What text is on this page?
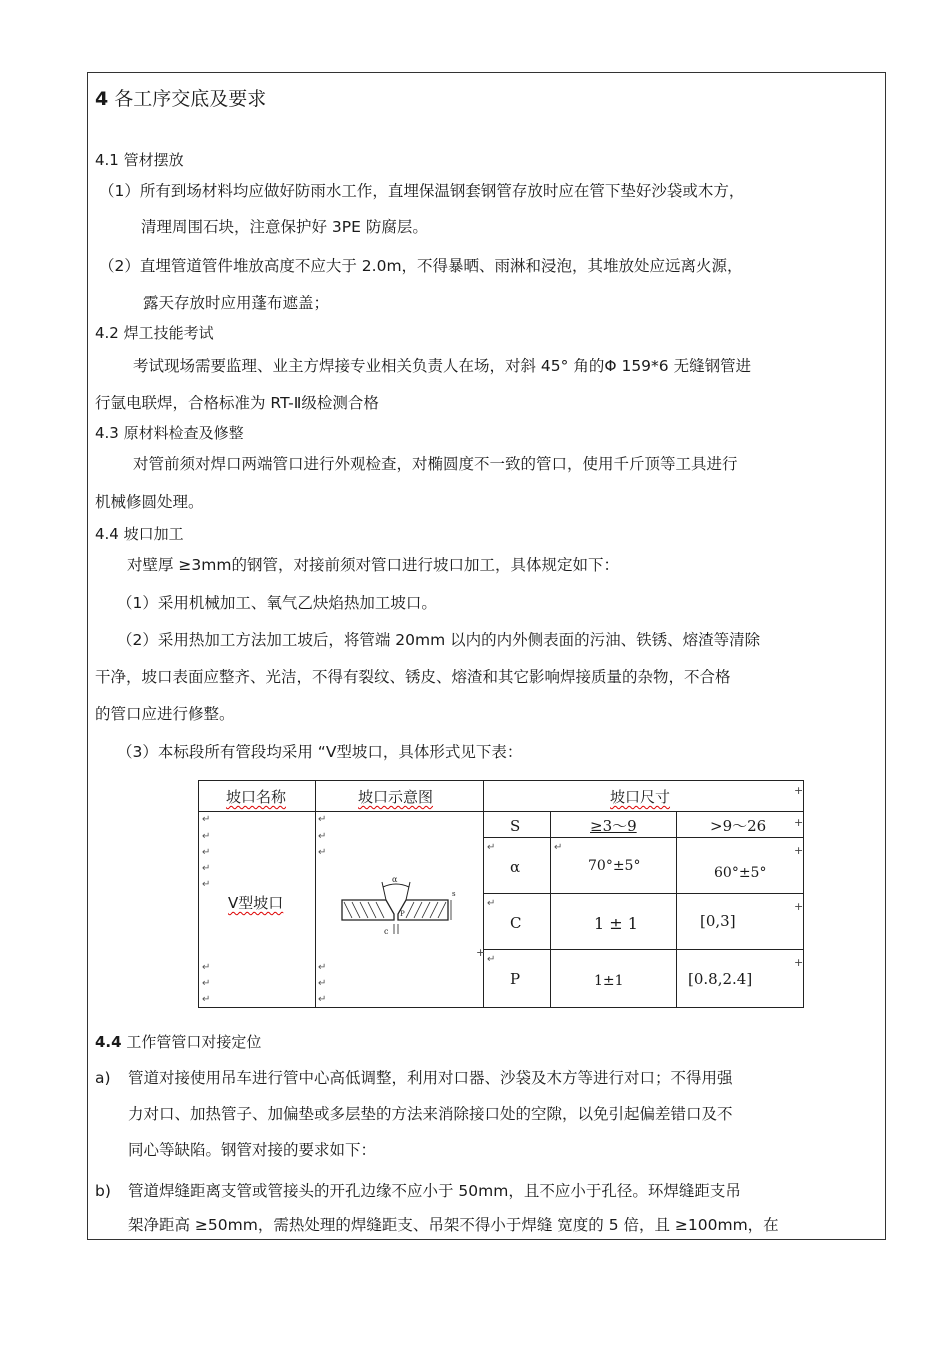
4 各工序交底及要求
4.1 管材摆放
（1）所有到场材料均应做好防雨水工作，直埋保温钢套钢管存放时应在管下垫好沙袋或木方，
清理周围石块，注意保护好 3PE 防腐层。
（2）直埋管道管件堆放高度不应大于 2.0m，不得暴晒、雨淋和浸泡，其堆放处应远离火源，
露天存放时应用蓬布遮盖；
4.2 焊工技能考试
考试现场需要监理、业主方焊接专业相关负责人在场，对斜 45° 角的Φ 159*6 无缝钢管进
行氩电联焊，合格标准为 RT-Ⅱ级检测合格
4.3 原材料检查及修整
对管前须对焊口两端管口进行外观检查，对椭圆度不一致的管口，使用千斤顶等工具进行
机械修圆处理。
4.4 坡口加工
对壁厚 ≥3mm的钢管，对接前须对管口进行坡口加工，具体规定如下：
（1）采用机械加工、氧气乙炔焰热加工坡口。
（2）采用热加工方法加工坡后，将管端 20mm 以内的内外侧表面的污油、铁锈、熔渣等清除
干净，坡口表面应整齐、光洁，不得有裂纹、锈皮、熔渣和其它影响焊接质量的杂物，不合格
的管口应进行修整。
（3）本标段所有管段均采用 “V型坡口，具体形式见下表：
坡口名称	坡口示意图	坡口尺寸
V型坡口
α
c
P
s
S	≥3～9	>9～26
α	70°±5°	60°±5°
C	1 ± 1	[0,3]
P	1±1	[0.8,2.4]
↵
↵
↵
↵
↵
↵
↵
↵
↵
↵
↵
↵
↵
↵
↵
↵
↵
↵
+
+
+
+
+
+
4.4 工作管管口对接定位
a) 管道对接使用吊车进行管中心高低调整，利用对口器、沙袋及木方等进行对口；不得用强
力对口、加热管子、加偏垫或多层垫的方法来消除接口处的空隙，以免引起偏差错口及不
同心等缺陷。钢管对接的要求如下：
b) 管道焊缝距离支管或管接头的开孔边缘不应小于 50mm，且不应小于孔径。环焊缝距支吊
架净距高 ≥50mm，需热处理的焊缝距支、吊架不得小于焊缝 宽度的 5 倍，且 ≥100mm，在
